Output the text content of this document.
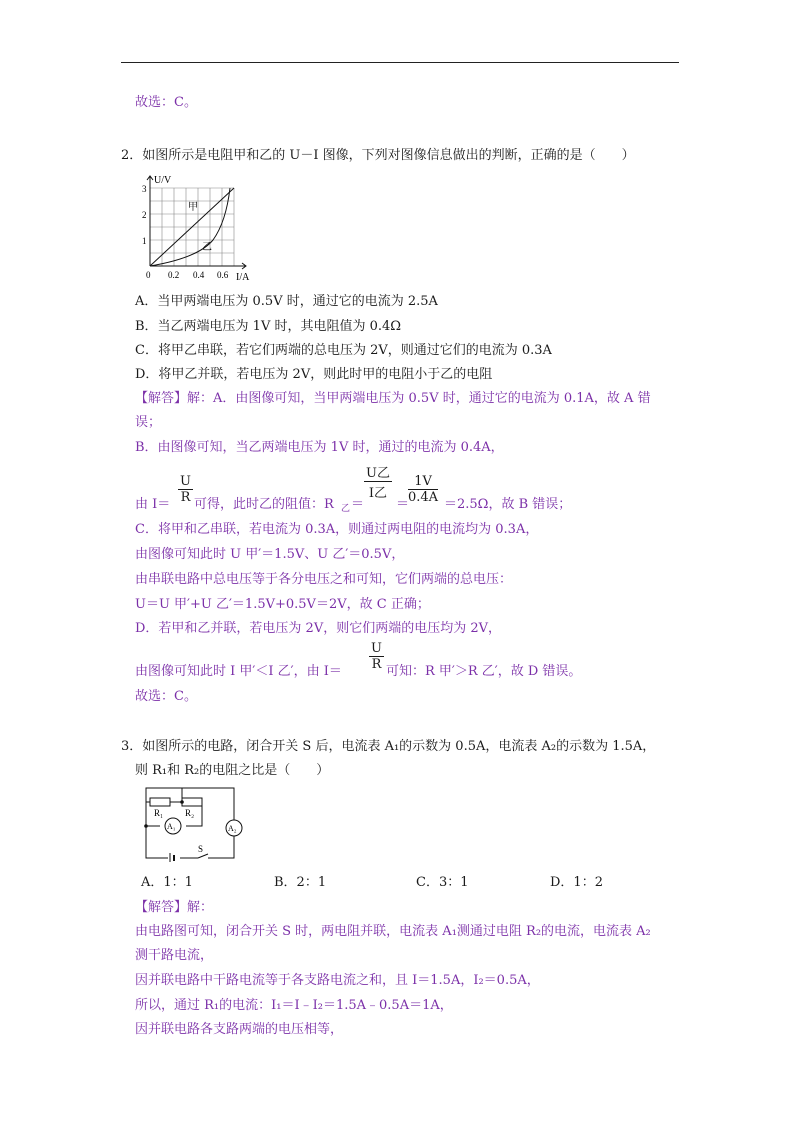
故选：C。
2．如图所示是电阻甲和乙的 U－I 图像，下列对图像信息做出的判断，正确的是（　　）
U/V
I/A
3
2
1
0 0.2 0.4 0.6
甲
乙
A．当甲两端电压为 0.5V 时，通过它的电流为 2.5A
B．当乙两端电压为 1V 时，其电阻值为 0.4Ω
C．将甲乙串联，若它们两端的总电压为 2V，则通过它们的电流为 0.3A
D．将甲乙并联，若电压为 2V，则此时甲的电阻小于乙的电阻
【解答】解：A．由图像可知，当甲两端电压为 0.5V 时，通过它的电流为 0.1A，故 A 错
误；
B．由图像可知，当乙两端电压为 1V 时，通过的电流为 0.4A，
由 $I= \frac{U}{R}$ 可得，此时乙的阻值：R 乙 ＝
U乙
I乙
＝
$\frac{1V}{0.4A} =2.5\Omega$，故 B 错误；
C．将甲和乙串联，若电流为 0.3A，则通过两电阻的电流均为 0.3A，
由图像可知此时 U 甲′＝1.5V、U 乙′＝0.5V，
由串联电路中总电压等于各分电压之和可知，它们两端的总电压：
U＝U 甲′+U 乙′＝1.5V+0.5V＝2V，故 C 正确；
D．若甲和乙并联，若电压为 2V，则它们两端的电压均为 2V，
由图像可知此时 I 甲′＜I 乙′，由 $I= \frac{U}{R}$ 可知：R 甲′＞R 乙′，故 D 错误。
故选：C。
3．如图所示的电路，闭合开关 S 后，电流表 A₁的示数为 0.5A，电流表 A₂的示数为 1.5A，
则 R₁和 R₂的电阻之比是（　　）
R₁ R₂
A₁	A₂
S
A．1：1	B．2：1	C．3：1	D．1：2
【解答】解：
由电路图可知，闭合开关 S 时，两电阻并联，电流表 A₁测通过电阻 R₂的电流，电流表 A₂
测干路电流，
因并联电路中干路电流等于各支路电流之和，且 I＝1.5A，I₂＝0.5A，
所以，通过 R₁的电流：I₁＝I﹣I₂＝1.5A﹣0.5A＝1A，
因并联电路各支路两端的电压相等，
